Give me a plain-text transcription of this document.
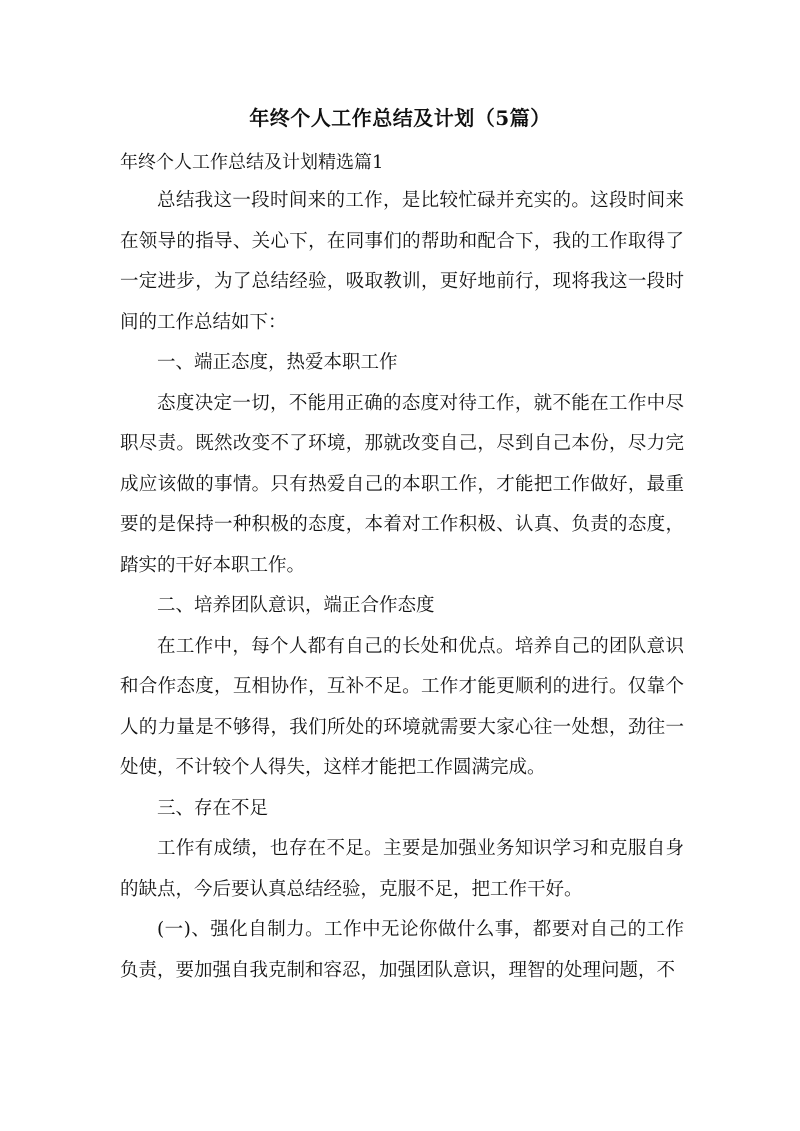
年终个人工作总结及计划（5篇）
年终个人工作总结及计划精选篇1

总结我这一段时间来的工作，是比较忙碌并充实的。这段时间来在领导的指导、关心下，在同事们的帮助和配合下，我的工作取得了一定进步，为了总结经验，吸取教训，更好地前行，现将我这一段时间的工作总结如下：

一、端正态度，热爱本职工作

态度决定一切，不能用正确的态度对待工作，就不能在工作中尽职尽责。既然改变不了环境，那就改变自己，尽到自己本份，尽力完成应该做的事情。只有热爱自己的本职工作，才能把工作做好，最重要的是保持一种积极的态度，本着对工作积极、认真、负责的态度，踏实的干好本职工作。

二、培养团队意识，端正合作态度

在工作中，每个人都有自己的长处和优点。培养自己的团队意识和合作态度，互相协作，互补不足。工作才能更顺利的进行。仅靠个人的力量是不够得，我们所处的环境就需要大家心往一处想，劲往一处使，不计较个人得失，这样才能把工作圆满完成。

三、存在不足

工作有成绩，也存在不足。主要是加强业务知识学习和克服自身的缺点，今后要认真总结经验，克服不足，把工作干好。

(一)、强化自制力。工作中无论你做什么事，都要对自己的工作负责，要加强自我克制和容忍，加强团队意识，理智的处理问题，不
